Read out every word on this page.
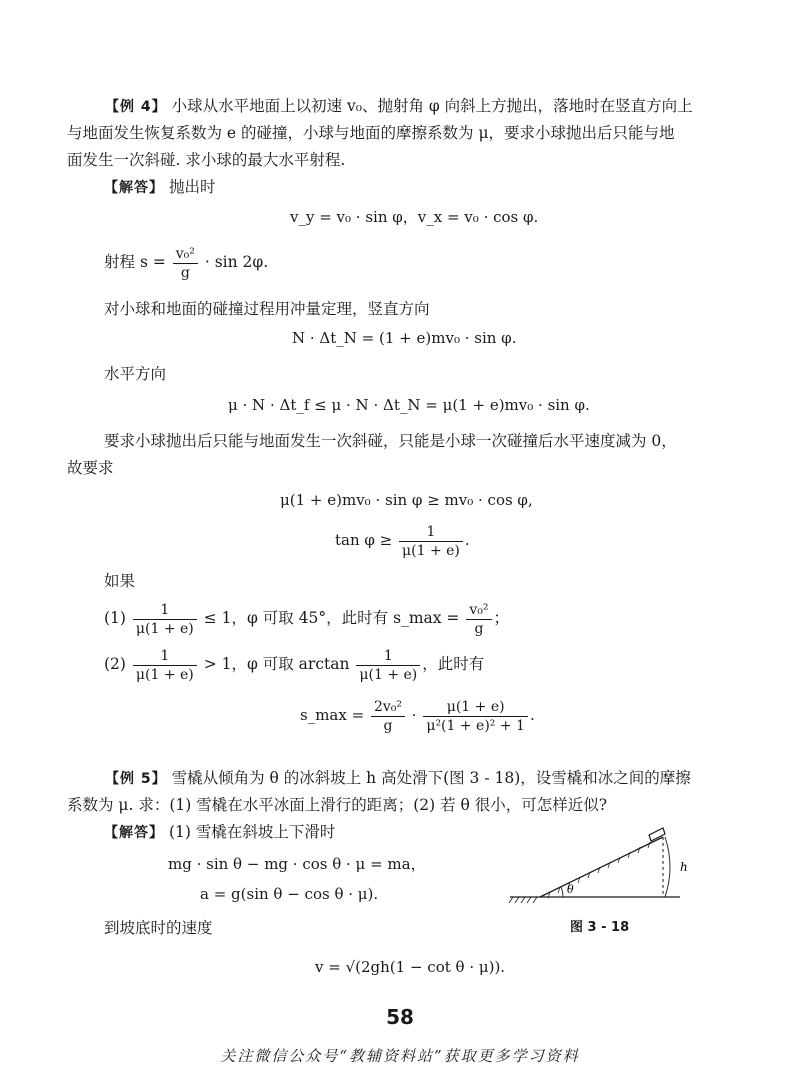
【例 4】 小球从水平地面上以初速 v₀、抛射角 φ 向斜上方抛出，落地时在竖直方向上
与地面发生恢复系数为 e 的碰撞，小球与地面的摩擦系数为 μ，要求小球抛出后只能与地
面发生一次斜碰. 求小球的最大水平射程.
【解答】 抛出时
v_y = v₀ · sin φ，v_x = v₀ · cos φ.
射程 $s = \frac{\text{v₀²}}{g} \cdot \sin 2\varphi$.
对小球和地面的碰撞过程用冲量定理，竖直方向
N · Δt_N = (1 + e)mv₀ · sin φ.
水平方向
μ · N · Δt_f ≤ μ · N · Δt_N = μ(1 + e)mv₀ · sin φ.
要求小球抛出后只能与地面发生一次斜碰，只能是小球一次碰撞后水平速度减为 0，
故要求
μ(1 + e)mv₀ · sin φ ≥ mv₀ · cos φ,
$\tan \varphi \ge \frac{1}{\mu(1 + e)}$ .
如果
$(1) \frac{1}{\mu(1 + e)} \le 1$，φ 可取 45°，此时有 s_max = $\frac{\text{v₀²}}{g}$ ；
$(2) \frac{1}{\mu(1 + e)} > 1$，φ 可取 $\arctan \frac{1}{\mu(1 + e)}$ ，此时有
s_max = $\frac{\text{2v₀²}}{g} \cdot \frac{\mu(1 + e)}{\text{μ²(1 + e)² + 1}}$ .
【例 5】 雪橇从倾角为 θ 的冰斜坡上 h 高处滑下(图 3 - 18)，设雪橇和冰之间的摩擦
系数为 μ. 求：(1) 雪橇在水平冰面上滑行的距离；(2) 若 θ 很小，可怎样近似?
【解答】 (1) 雪橇在斜坡上下滑时
mg · sin θ − mg · cos θ · μ = ma，
a = g(sin θ − cos θ · μ).
到坡底时的速度
v = √(2gh(1 − cot θ · μ)).
h
θ
图 3 - 18
58
关注微信公众号“教辅资料站”获取更多学习资料
